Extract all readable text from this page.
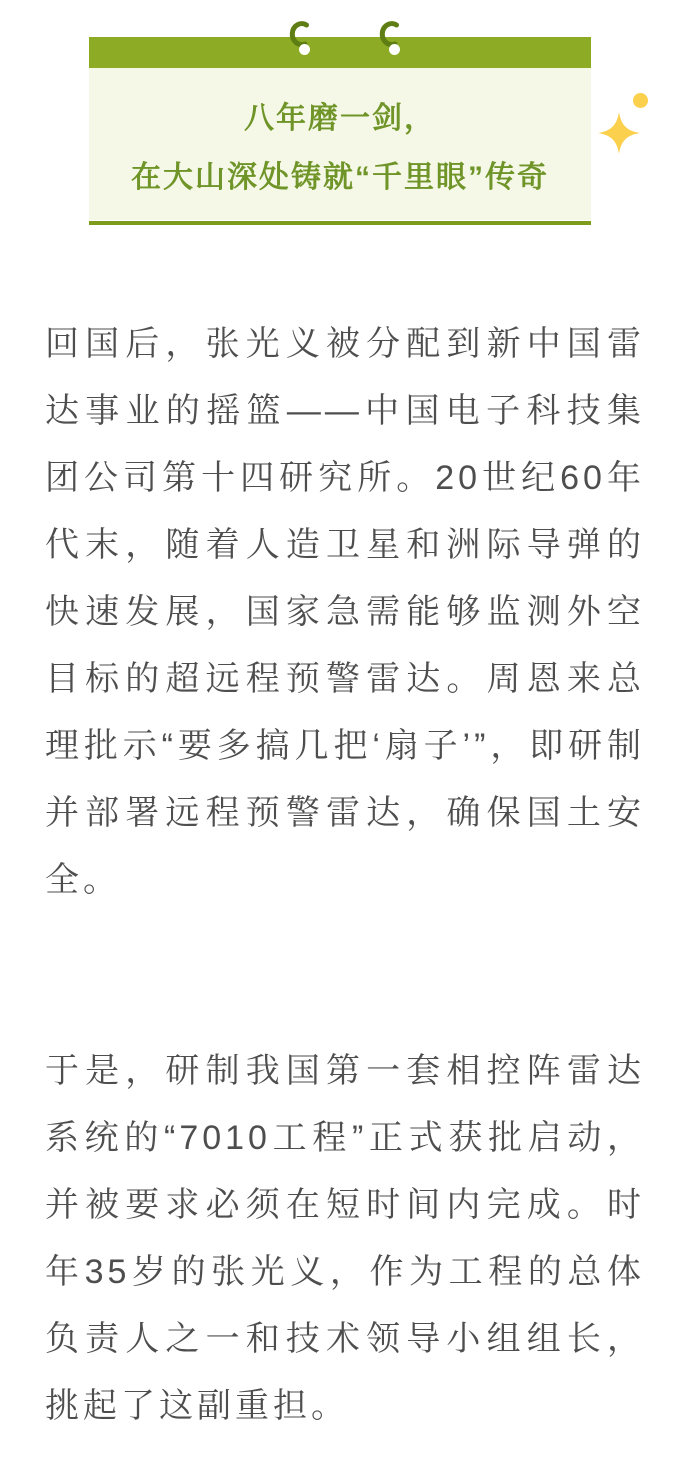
八年磨一剑，
在大山深处铸就“千里眼”传奇

回国后，张光义被分配到新中国雷达事业的摇篮——中国电子科技集团公司第十四研究所。20世纪60年代末，随着人造卫星和洲际导弹的快速发展，国家急需能够监测外空目标的超远程预警雷达。周恩来总理批示“要多搞几把‘扇子’”，即研制并部署远程预警雷达，确保国土安全。

于是，研制我国第一套相控阵雷达系统的“7010工程”正式获批启动，并被要求必须在短时间内完成。时年35岁的张光义，作为工程的总体负责人之一和技术领导小组组长，挑起了这副重担。
